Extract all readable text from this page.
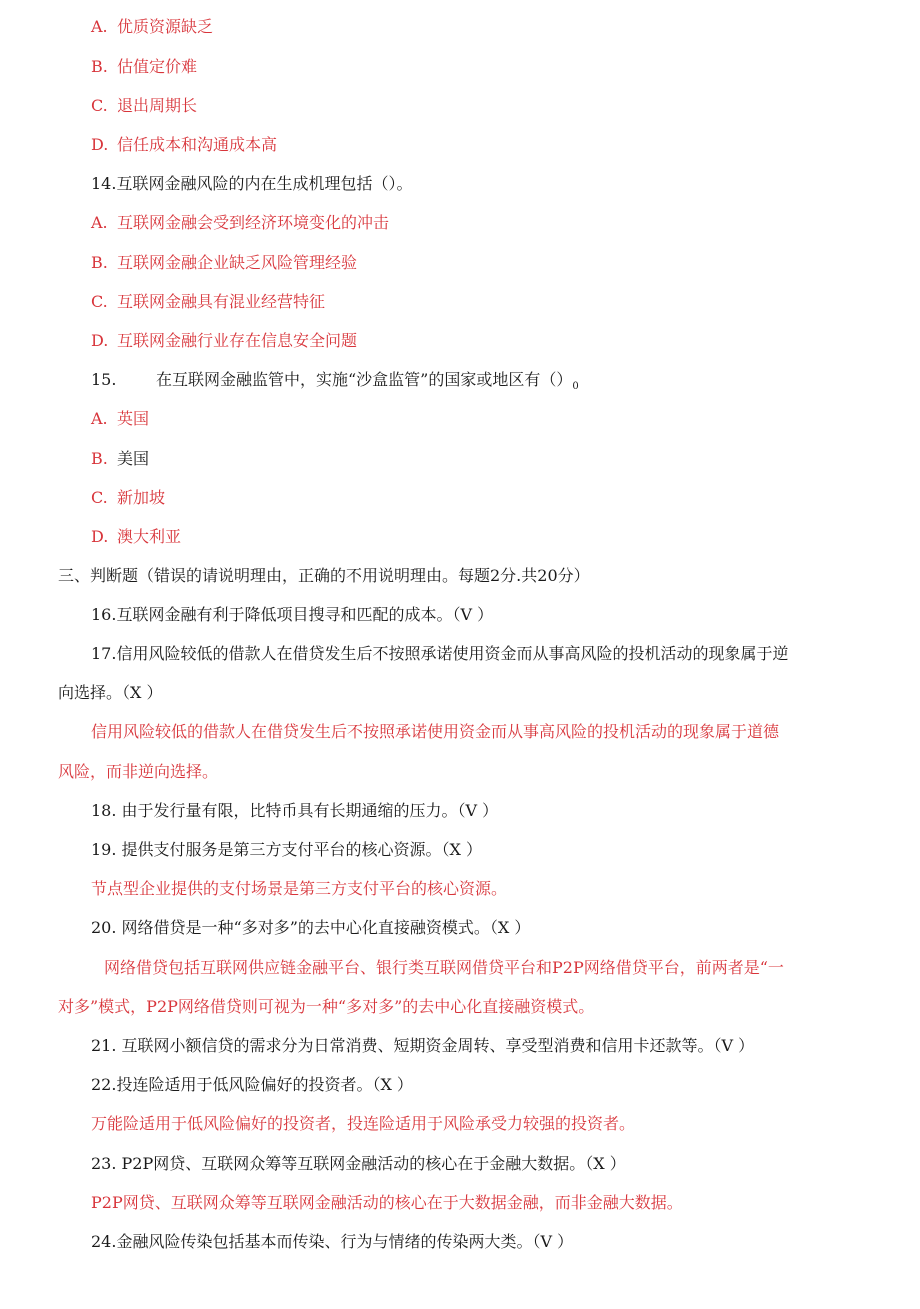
A. 优质资源缺乏
B. 估值定价难
C. 退出周期长
D. 信任成本和沟通成本高
14.互联网金融风险的内在生成机理包括（）。
A. 互联网金融会受到经济环境变化的冲击
B. 互联网金融企业缺乏风险管理经验
C. 互联网金融具有混业经营特征
D. 互联网金融行业存在信息安全问题
15. 在互联网金融监管中，实施“沙盒监管”的国家或地区有$()_0$
A. 英国
B. 美国
C. 新加坡
D. 澳大利亚
三、判断题（错误的请说明理由，正确的不用说明理由。每题2分.共20分）
16.互联网金融有利于降低项目搜寻和匹配的成本。（V ）
17.信用风险较低的借款人在借贷发生后不按照承诺使用资金而从事高风险的投机活动的现象属于逆
向选择。（X ）
信用风险较低的借款人在借贷发生后不按照承诺使用资金而从事高风险的投机活动的现象属于道德
风险，而非逆向选择。
18. 由于发行量有限，比特币具有长期通缩的压力。（V ）
19. 提供支付服务是第三方支付平台的核心资源。（X ）
节点型企业提供的支付场景是第三方支付平台的核心资源。
20. 网络借贷是一种“多对多”的去中心化直接融资模式。（X ）
网络借贷包括互联网供应链金融平台、银行类互联网借贷平台和P2P网络借贷平台，前两者是“一
对多”模式，P2P网络借贷则可视为一种“多对多”的去中心化直接融资模式。
21. 互联网小额信贷的需求分为日常消费、短期资金周转、享受型消费和信用卡还款等。（V ）
22.投连险适用于低风险偏好的投资者。（X ）
万能险适用于低风险偏好的投资者，投连险适用于风险承受力较强的投资者。
23. P2P网贷、互联网众筹等互联网金融活动的核心在于金融大数据。（X ）
P2P网贷、互联网众筹等互联网金融活动的核心在于大数据金融，而非金融大数据。
24.金融风险传染包括基本而传染、行为与情绪的传染两大类。（V ）
